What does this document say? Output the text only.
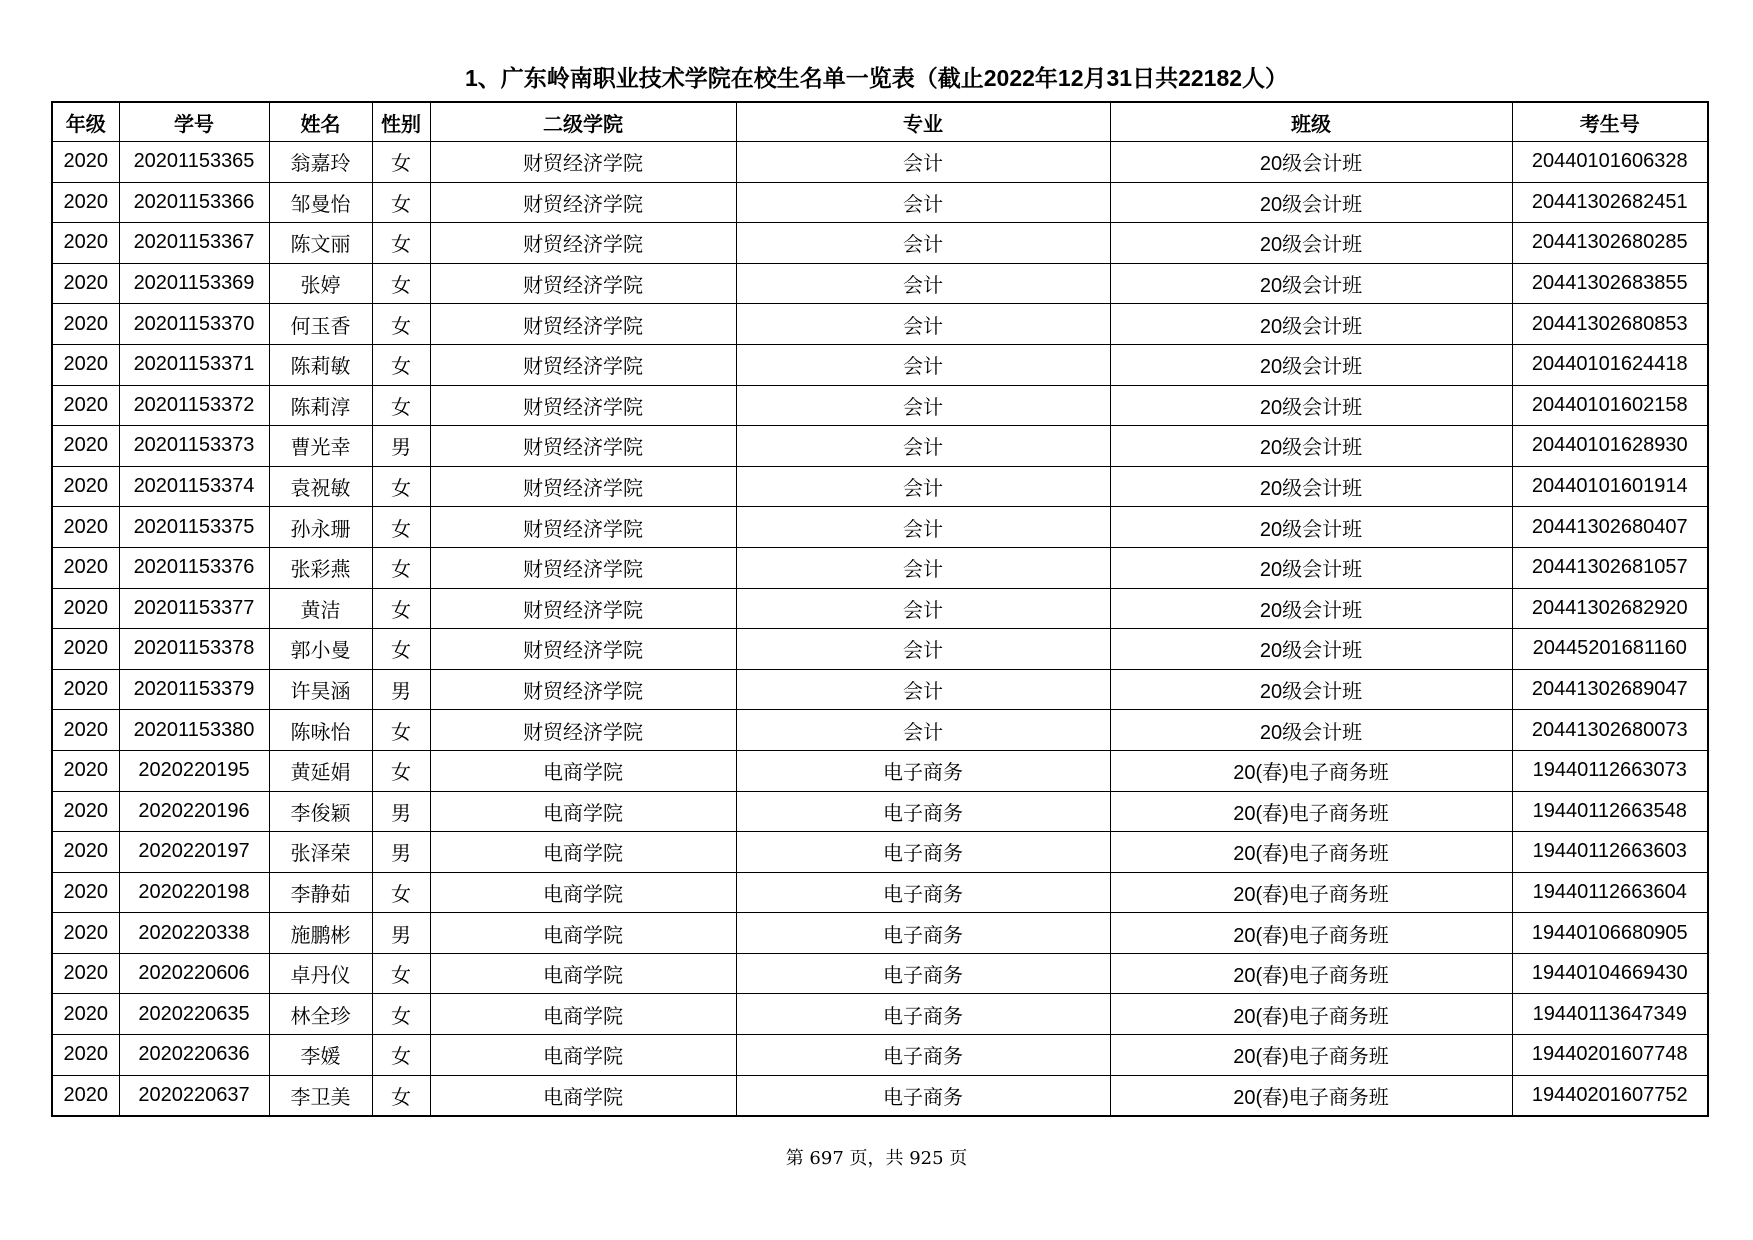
1、广东岭南职业技术学院在校生名单一览表（截止2022年12月31日共22182人）
年级	学号	姓名	性别	二级学院	专业	班级	考生号
2020	20201153365	翁嘉玲	女	财贸经济学院	会计	20级会计班	20440101606328
2020	20201153366	邹曼怡	女	财贸经济学院	会计	20级会计班	20441302682451
2020	20201153367	陈文丽	女	财贸经济学院	会计	20级会计班	20441302680285
2020	20201153369	张婷	女	财贸经济学院	会计	20级会计班	20441302683855
2020	20201153370	何玉香	女	财贸经济学院	会计	20级会计班	20441302680853
2020	20201153371	陈莉敏	女	财贸经济学院	会计	20级会计班	20440101624418
2020	20201153372	陈莉淳	女	财贸经济学院	会计	20级会计班	20440101602158
2020	20201153373	曹光幸	男	财贸经济学院	会计	20级会计班	20440101628930
2020	20201153374	袁祝敏	女	财贸经济学院	会计	20级会计班	20440101601914
2020	20201153375	孙永珊	女	财贸经济学院	会计	20级会计班	20441302680407
2020	20201153376	张彩燕	女	财贸经济学院	会计	20级会计班	20441302681057
2020	20201153377	黄洁	女	财贸经济学院	会计	20级会计班	20441302682920
2020	20201153378	郭小曼	女	财贸经济学院	会计	20级会计班	20445201681160
2020	20201153379	许昊涵	男	财贸经济学院	会计	20级会计班	20441302689047
2020	20201153380	陈咏怡	女	财贸经济学院	会计	20级会计班	20441302680073
2020	2020220195	黄延娟	女	电商学院	电子商务	20(春)电子商务班	19440112663073
2020	2020220196	李俊颖	男	电商学院	电子商务	20(春)电子商务班	19440112663548
2020	2020220197	张泽荣	男	电商学院	电子商务	20(春)电子商务班	19440112663603
2020	2020220198	李静茹	女	电商学院	电子商务	20(春)电子商务班	19440112663604
2020	2020220338	施鹏彬	男	电商学院	电子商务	20(春)电子商务班	19440106680905
2020	2020220606	卓丹仪	女	电商学院	电子商务	20(春)电子商务班	19440104669430
2020	2020220635	林全珍	女	电商学院	电子商务	20(春)电子商务班	19440113647349
2020	2020220636	李媛	女	电商学院	电子商务	20(春)电子商务班	19440201607748
2020	2020220637	李卫美	女	电商学院	电子商务	20(春)电子商务班	19440201607752
第 697 页，共 925 页
